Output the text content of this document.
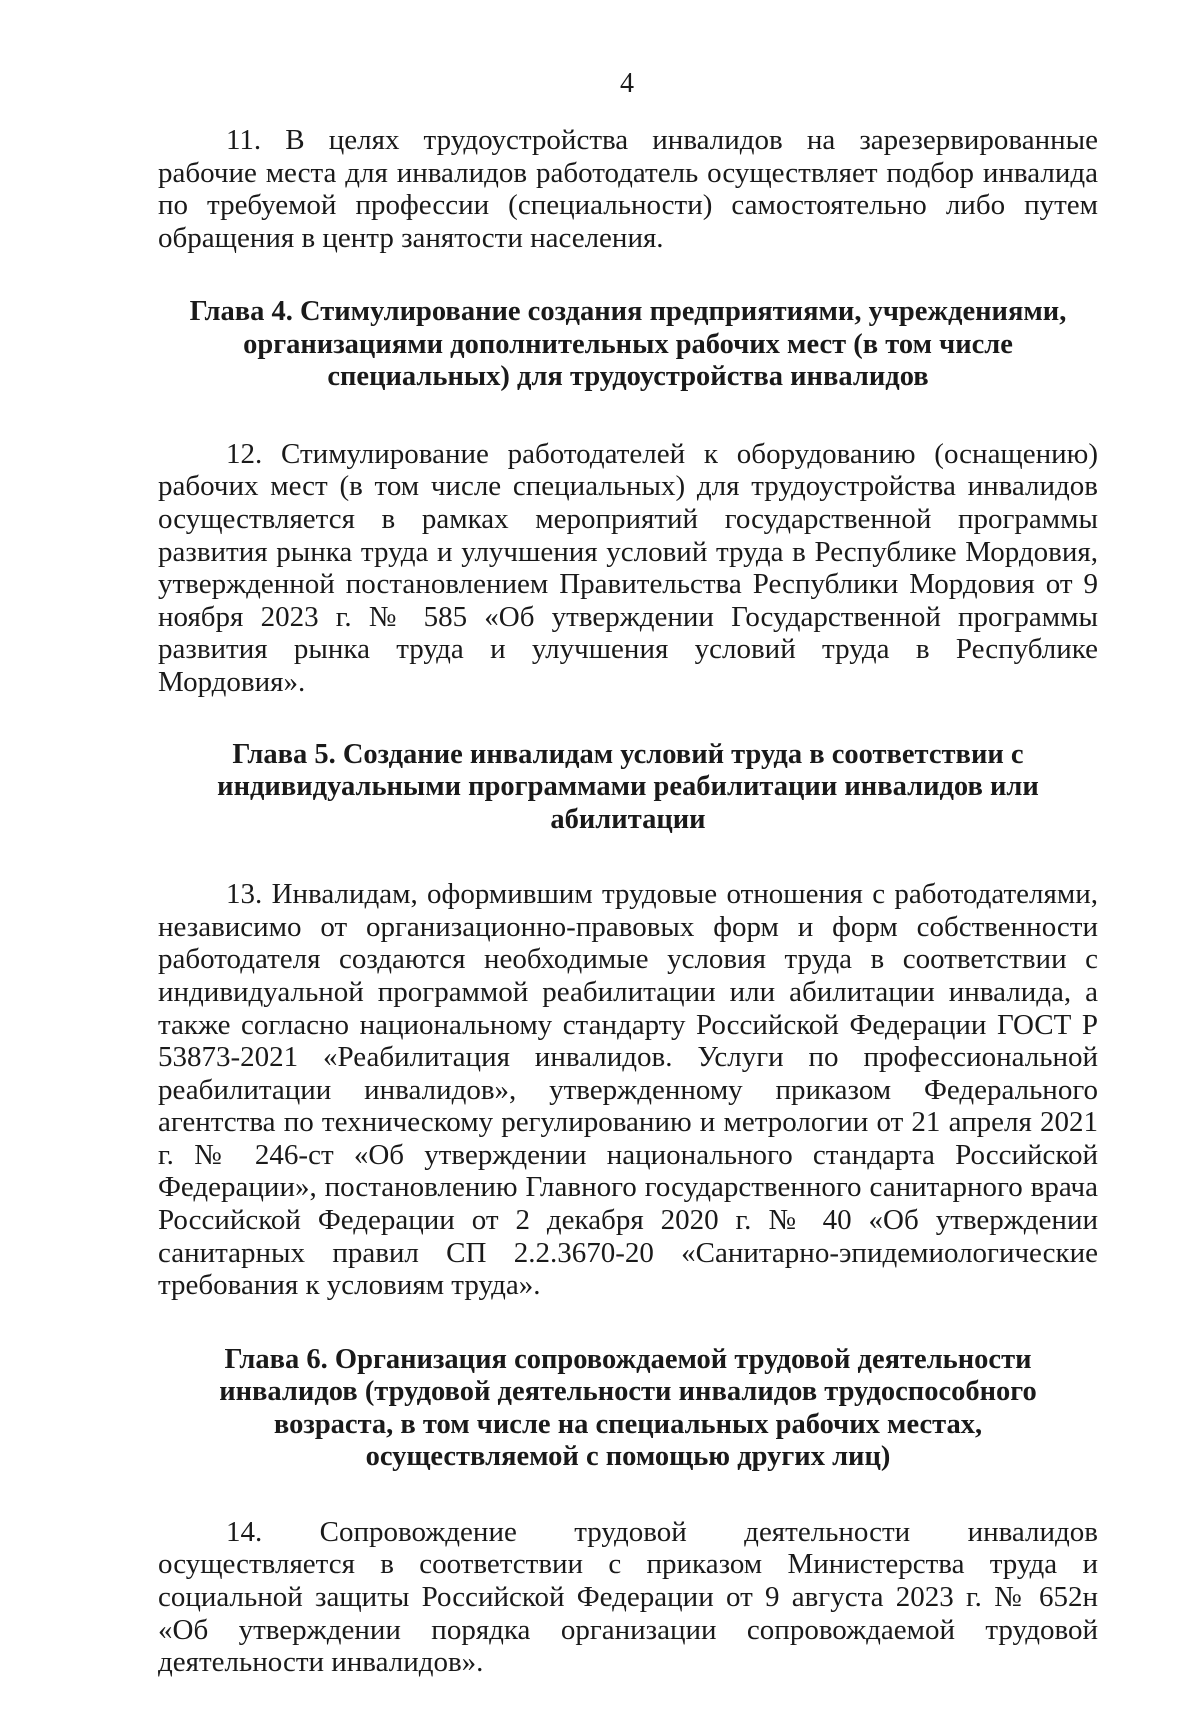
4

11. В целях трудоустройства инвалидов на зарезервированные рабочие места для инвалидов работодатель осуществляет подбор инвалида по требуемой профессии (специальности) самостоятельно либо путем обращения в центр занятости населения.

Глава 4. Стимулирование создания предприятиями, учреждениями, организациями дополнительных рабочих мест (в том числе специальных) для трудоустройства инвалидов

12. Стимулирование работодателей к оборудованию (оснащению) рабочих мест (в том числе специальных) для трудоустройства инвалидов осуществляется в рамках мероприятий государственной программы развития рынка труда и улучшения условий труда в Республике Мордовия, утвержденной постановлением Правительства Республики Мордовия от 9 ноября 2023 г. № 585 «Об утверждении Государственной программы развития рынка труда и улучшения условий труда в Республике Мордовия».

Глава 5. Создание инвалидам условий труда в соответствии с индивидуальными программами реабилитации инвалидов или абилитации

13. Инвалидам, оформившим трудовые отношения с работодателями, независимо от организационно-правовых форм и форм собственности работодателя создаются необходимые условия труда в соответствии с индивидуальной программой реабилитации или абилитации инвалида, а также согласно национальному стандарту Российской Федерации ГОСТ Р 53873-2021 «Реабилитация инвалидов. Услуги по профессиональной реабилитации инвалидов», утвержденному приказом Федерального агентства по техническому регулированию и метрологии от 21 апреля 2021 г. № 246-ст «Об утверждении национального стандарта Российской Федерации», постановлению Главного государственного санитарного врача Российской Федерации от 2 декабря 2020 г. № 40 «Об утверждении санитарных правил СП 2.2.3670-20 «Санитарно-эпидемиологические требования к условиям труда».

Глава 6. Организация сопровождаемой трудовой деятельности инвалидов (трудовой деятельности инвалидов трудоспособного возраста, в том числе на специальных рабочих местах, осуществляемой с помощью других лиц)

14. Сопровождение трудовой деятельности инвалидов осуществляется в соответствии с приказом Министерства труда и социальной защиты Российской Федерации от 9 августа 2023 г. № 652н «Об утверждении порядка организации сопровождаемой трудовой деятельности инвалидов».
